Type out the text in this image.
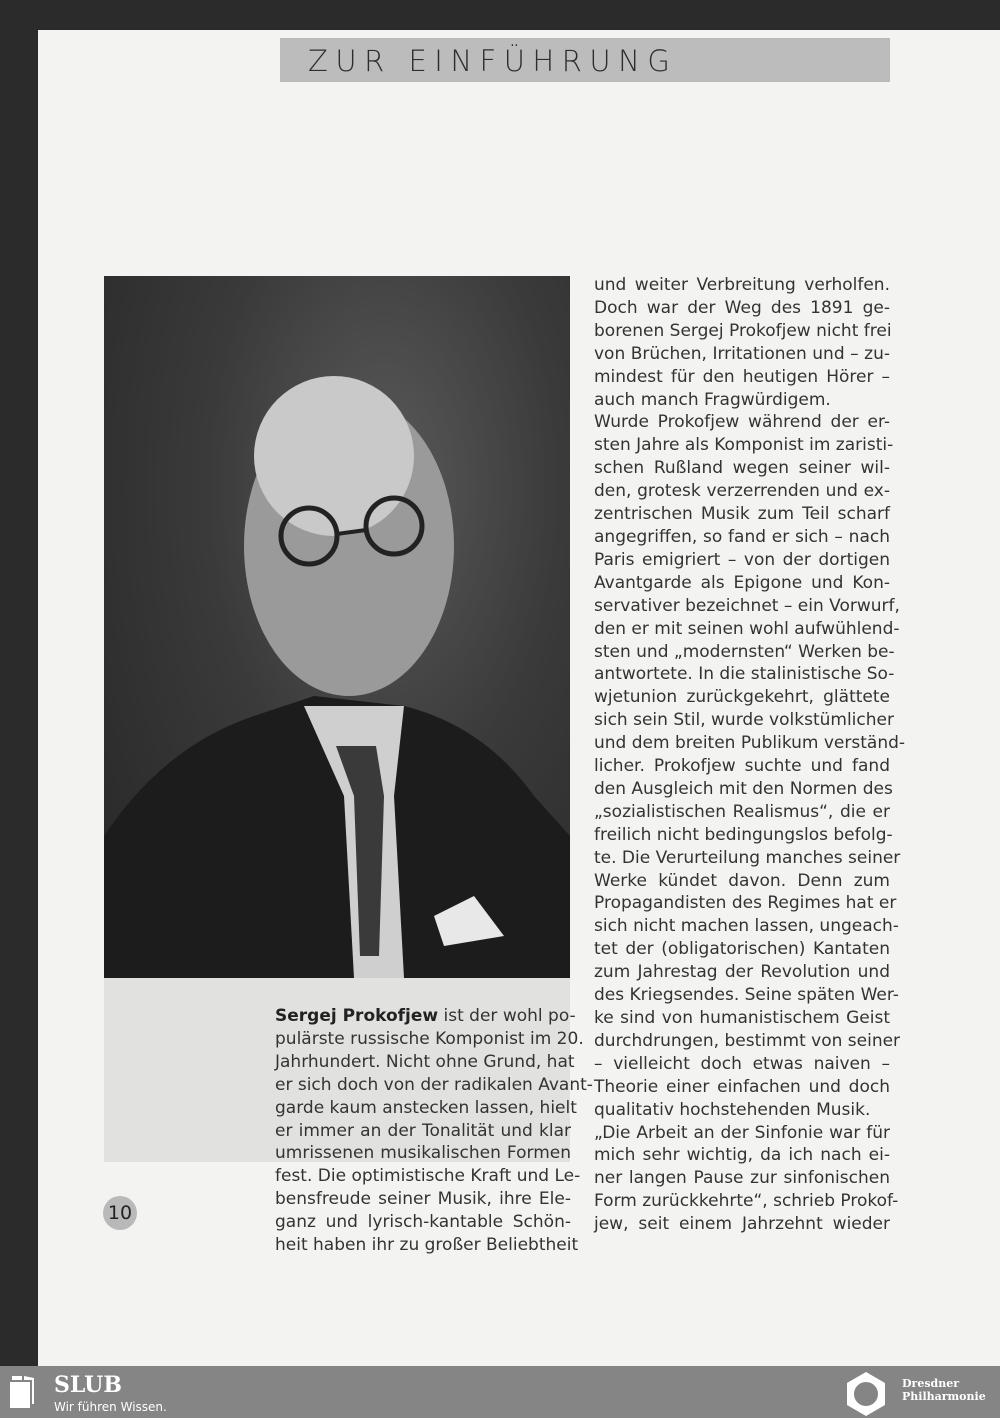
ZUR EINFÜHRUNG
10
Sergej Prokofjew ist der wohl po-
pulärste russische Komponist im 20.
Jahrhundert. Nicht ohne Grund, hat
er sich doch von der radikalen Avant-
garde kaum anstecken lassen, hielt
er immer an der Tonalität und klar
umrissenen musikalischen Formen
fest. Die optimistische Kraft und Le-
bensfreude seiner Musik, ihre Ele-
ganz und lyrisch-kantable Schön-
heit haben ihr zu großer Beliebtheit
und weiter Verbreitung verholfen.
Doch war der Weg des 1891 ge-
borenen Sergej Prokofjew nicht frei
von Brüchen, Irritationen und – zu-
mindest für den heutigen Hörer –
auch manch Fragwürdigem.
Wurde Prokofjew während der er-
sten Jahre als Komponist im zaristi-
schen Rußland wegen seiner wil-
den, grotesk verzerrenden und ex-
zentrischen Musik zum Teil scharf
angegriffen, so fand er sich – nach
Paris emigriert – von der dortigen
Avantgarde als Epigone und Kon-
servativer bezeichnet – ein Vorwurf,
den er mit seinen wohl aufwühlend-
sten und „modernsten“ Werken be-
antwortete. In die stalinistische So-
wjetunion zurückgekehrt, glättete
sich sein Stil, wurde volkstümlicher
und dem breiten Publikum verständ-
licher. Prokofjew suchte und fand
den Ausgleich mit den Normen des
„sozialistischen Realismus“, die er
freilich nicht bedingungslos befolg-
te. Die Verurteilung manches seiner
Werke kündet davon. Denn zum
Propagandisten des Regimes hat er
sich nicht machen lassen, ungeach-
tet der (obligatorischen) Kantaten
zum Jahrestag der Revolution und
des Kriegsendes. Seine späten Wer-
ke sind von humanistischem Geist
durchdrungen, bestimmt von seiner
– vielleicht doch etwas naiven –
Theorie einer einfachen und doch
qualitativ hochstehenden Musik.
„Die Arbeit an der Sinfonie war für
mich sehr wichtig, da ich nach ei-
ner langen Pause zur sinfonischen
Form zurückkehrte“, schrieb Prokof-
jew, seit einem Jahrzehnt wieder
SLUB
Wir führen Wissen.
Dresdner
Philharmonie
